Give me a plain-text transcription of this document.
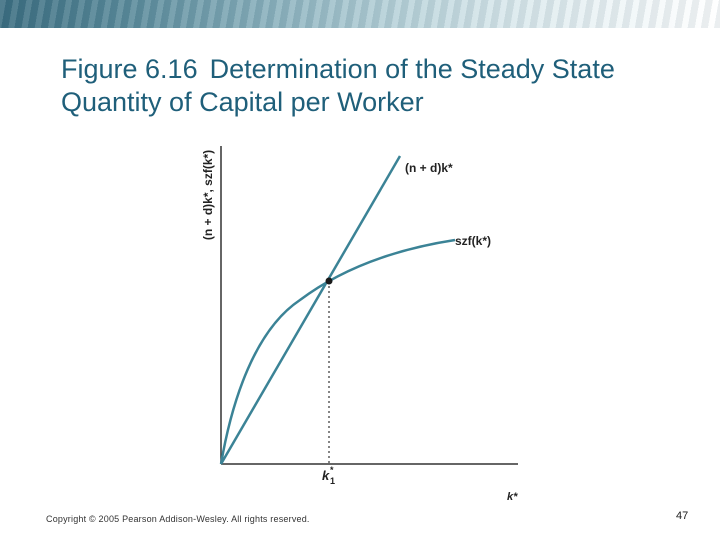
Figure 6.16 Determination of the Steady State Quantity of Capital per Worker
(n + d)k*, szf(k*)
k*
(n + d)k*
szf(k*)
k *
1
Copyright © 2005 Pearson Addison-Wesley. All rights reserved.	47
